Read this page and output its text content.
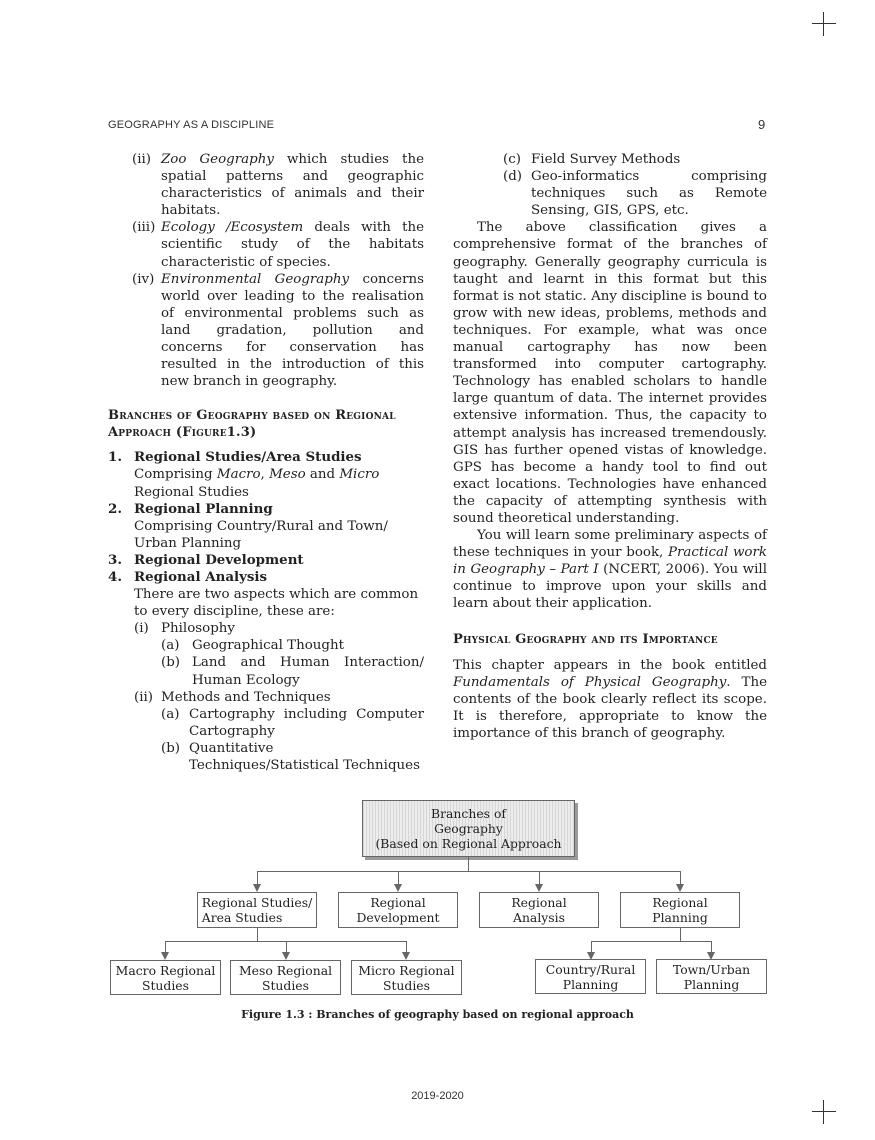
GEOGRAPHY AS A DISCIPLINE	9
(ii) Zoo Geography which studies the spatial patterns and geographic characteristics of animals and their habitats.
(iii) Ecology /Ecosystem deals with the scientific study of the habitats characteristic of species.
(iv) Environmental Geography concerns world over leading to the realisation of environmental problems such as land gradation, pollution and concerns for conservation has resulted in the introduction of this new branch in geography.
Branches of Geography based on Regional
Approach (Figure1.3)
1. Regional Studies/Area Studies
Comprising Macro, Meso and Micro Regional Studies
2. Regional Planning
Comprising Country/Rural and Town/ Urban Planning
3. Regional Development
4. Regional Analysis
There are two aspects which are common to every discipline, these are:
(i) Philosophy
(a) Geographical Thought
(b) Land and Human Interaction/ Human Ecology
(ii) Methods and Techniques
(a) Cartography including Computer Cartography
(b) Quantitative Techniques/Statistical Techniques
(c) Field Survey Methods
(d) Geo-informatics comprising techniques such as Remote Sensing, GIS, GPS, etc.

The above classification gives a comprehensive format of the branches of geography. Generally geography curricula is taught and learnt in this format but this format is not static. Any discipline is bound to grow with new ideas, problems, methods and techniques. For example, what was once manual cartography has now been transformed into computer cartography. Technology has enabled scholars to handle large quantum of data. The internet provides extensive information. Thus, the capacity to attempt analysis has increased tremendously. GIS has further opened vistas of knowledge. GPS has become a handy tool to find out exact locations. Technologies have enhanced the capacity of attempting synthesis with sound theoretical understanding.

You will learn some preliminary aspects of these techniques in your book, Practical work in Geography – Part I (NCERT, 2006). You will continue to improve upon your skills and learn about their application.

Physical Geography and its Importance

This chapter appears in the book entitled Fundamentals of Physical Geography. The contents of the book clearly reflect its scope. It is therefore, appropriate to know the importance of this branch of geography.

Branches of
Geography
(Based on Regional Approach
Regional Studies/
Area Studies
Regional
Development
Regional
Analysis
Regional
Planning
Macro Regional
Studies
Meso Regional
Studies
Micro Regional
Studies
Country/Rural
Planning
Town/Urban
Planning
Figure 1.3 : Branches of geography based on regional approach
2019-2020
